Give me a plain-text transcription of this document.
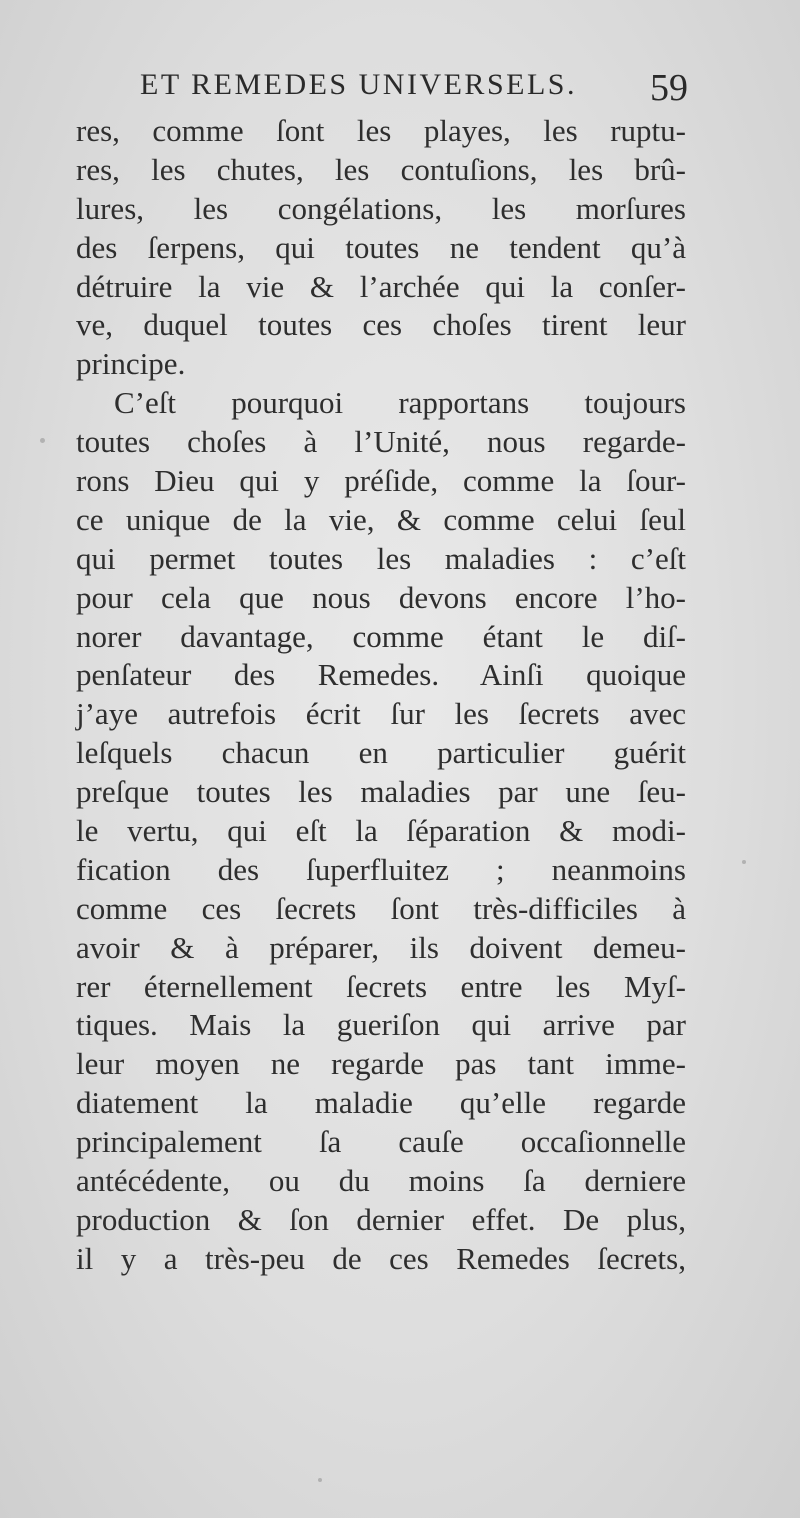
ET REMEDES UNIVERSELS. 59
res, comme ſont les playes, les ruptu-
res, les chutes, les contuſions, les brû-
lures, les congélations, les morſures
des ſerpens, qui toutes ne tendent qu’à
détruire la vie & l’archée qui la conſer-
ve, duquel toutes ces choſes tirent leur
principe.
C’eſt pourquoi rapportans toujours
toutes choſes à l’Unité, nous regarde-
rons Dieu qui y préſide, comme la ſour-
ce unique de la vie, & comme celui ſeul
qui permet toutes les maladies : c’eſt
pour cela que nous devons encore l’ho-
norer davantage, comme étant le diſ-
penſateur des Remedes. Ainſi quoique
j’aye autrefois écrit ſur les ſecrets avec
leſquels chacun en particulier guérit
preſque toutes les maladies par une ſeu-
le vertu, qui eſt la ſéparation & modi-
fication des ſuperfluitez ; neanmoins
comme ces ſecrets ſont très-difficiles à
avoir & à préparer, ils doivent demeu-
rer éternellement ſecrets entre les Myſ-
tiques. Mais la gueriſon qui arrive par
leur moyen ne regarde pas tant imme-
diatement la maladie qu’elle regarde
principalement ſa cauſe occaſionnelle
antécédente, ou du moins ſa derniere
production & ſon dernier effet. De plus,
il y a très-peu de ces Remedes ſecrets,
